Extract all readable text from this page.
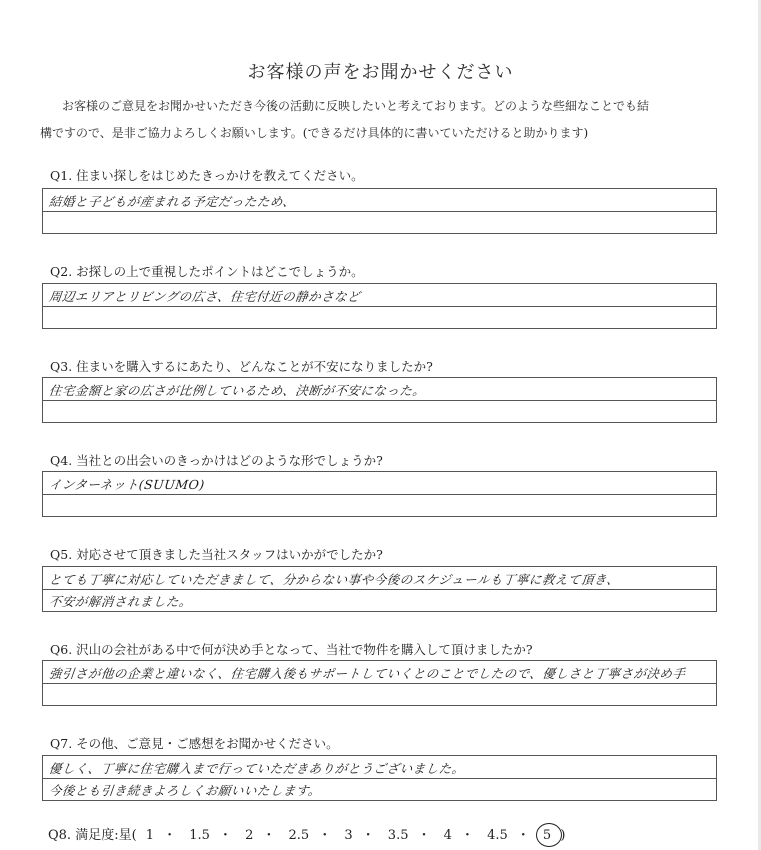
お客様の声をお聞かせください
お客様のご意見をお聞かせいただき今後の活動に反映したいと考えております。どのような些細なことでも結
構ですので、是非ご協力よろしくお願いします。(できるだけ具体的に書いていただけると助かります)
Q1. 住まい探しをはじめたきっかけを教えてください。
結婚と子どもが産まれる予定だったため、
Q2. お探しの上で重視したポイントはどこでしょうか。
周辺エリアとリビングの広さ、住宅付近の静かさなど
Q3. 住まいを購入するにあたり、どんなことが不安になりましたか?
住宅金額と家の広さが比例しているため、決断が不安になった。
Q4. 当社との出会いのきっかけはどのような形でしょうか?
インターネット(SUUMO)
Q5. 対応させて頂きました当社スタッフはいかがでしたか?
とても丁寧に対応していただきまして、分からない事や今後のスケジュールも丁寧に教えて頂き、
不安が解消されました。
Q6. 沢山の会社がある中で何が決め手となって、当社で物件を購入して頂けましたか?
強引さが他の企業と違いなく、住宅購入後もサポートしていくとのことでしたので、優しさと丁寧さが決め手
Q7. その他、ご意見・ご感想をお聞かせください。
優しく、丁寧に住宅購入まで行っていただきありがとうございました。
今後とも引き続きよろしくお願いいたします。
Q8. 満足度:星( 1 ・ 1.5 ・ 2 ・ 2.5 ・ 3 ・ 3.5 ・ 4 ・ 4.5 ・ 5 )
